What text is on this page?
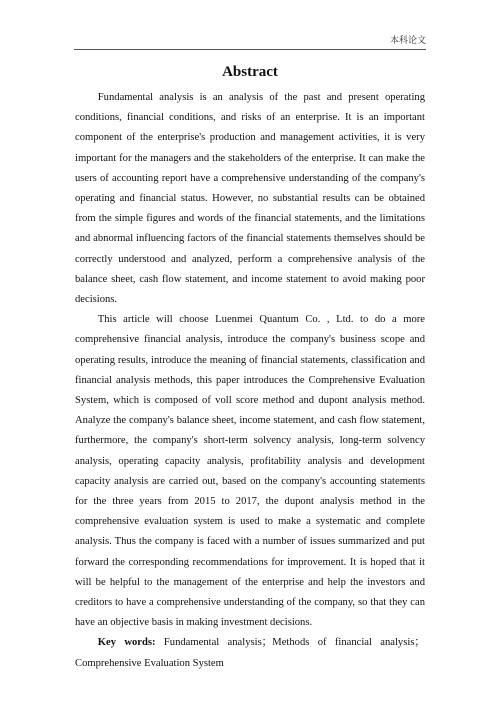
本科论文
Abstract

Fundamental analysis is an analysis of the past and present operating conditions, financial conditions, and risks of an enterprise. It is an important component of the enterprise's production and management activities, it is very important for the managers and the stakeholders of the enterprise. It can make the users of accounting report have a comprehensive understanding of the company's operating and financial status. However, no substantial results can be obtained from the simple figures and words of the financial statements, and the limitations and abnormal influencing factors of the financial statements themselves should be correctly understood and analyzed, perform a comprehensive analysis of the balance sheet, cash flow statement, and income statement to avoid making poor decisions.

This article will choose Luenmei Quantum Co. , Ltd. to do a more comprehensive financial analysis, introduce the company's business scope and operating results, introduce the meaning of financial statements, classification and financial analysis methods, this paper introduces the Comprehensive Evaluation System, which is composed of voll score method and dupont analysis method. Analyze the company's balance sheet, income statement, and cash flow statement, furthermore, the company's short-term solvency analysis, long-term solvency analysis, operating capacity analysis, profitability analysis and development capacity analysis are carried out, based on the company's accounting statements for the three years from 2015 to 2017, the dupont analysis method in the comprehensive evaluation system is used to make a systematic and complete analysis. Thus the company is faced with a number of issues summarized and put forward the corresponding recommendations for improvement. It is hoped that it will be helpful to the management of the enterprise and help the investors and creditors to have a comprehensive understanding of the company, so that they can have an objective basis in making investment decisions.

Key words: Fundamental analysis；Methods of financial analysis；Comprehensive Evaluation System
